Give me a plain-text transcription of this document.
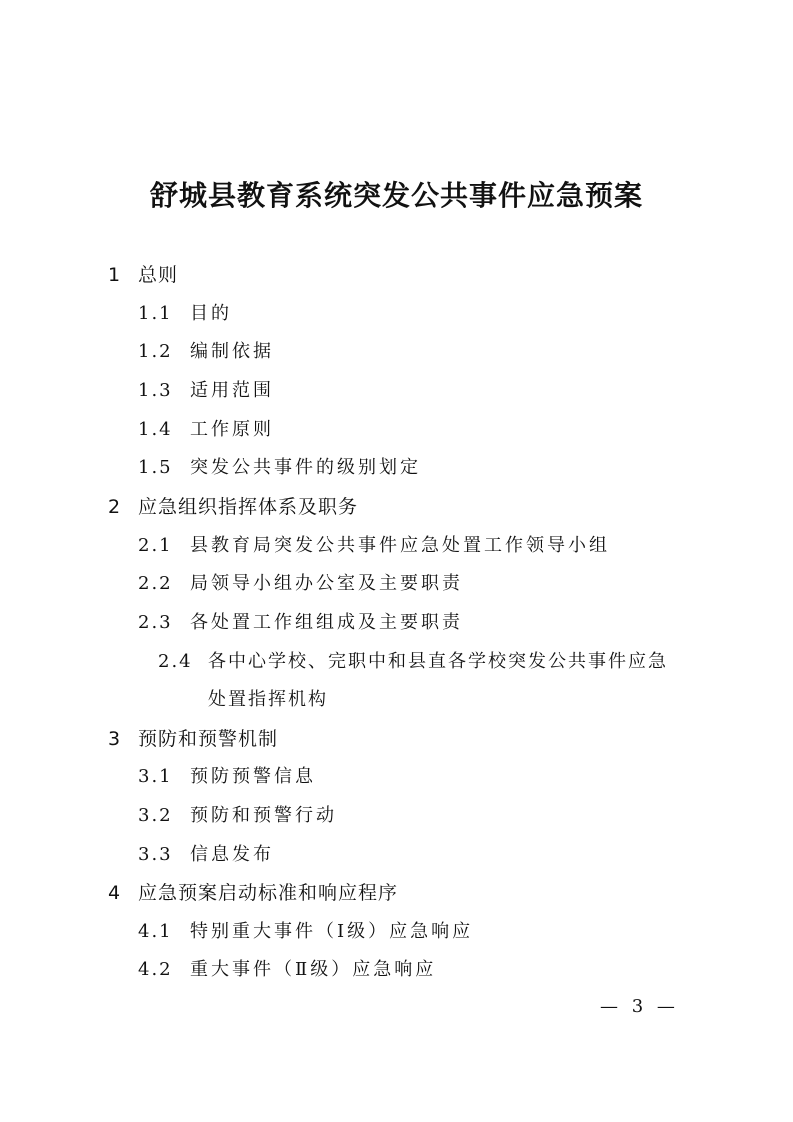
舒城县教育系统突发公共事件应急预案
1 总则
1.1 目的
1.2 编制依据
1.3 适用范围
1.4 工作原则
1.5 突发公共事件的级别划定
2 应急组织指挥体系及职务
2.1 县教育局突发公共事件应急处置工作领导小组
2.2 局领导小组办公室及主要职责
2.3 各处置工作组组成及主要职责
2.4 各中心学校、完职中和县直各学校突发公共事件应急
处置指挥机构
3 预防和预警机制
3.1 预防预警信息
3.2 预防和预警行动
3.3 信息发布
4 应急预案启动标准和响应程序
4.1 特别重大事件（Ⅰ级）应急响应
4.2 重大事件（Ⅱ级）应急响应
— 3 —
